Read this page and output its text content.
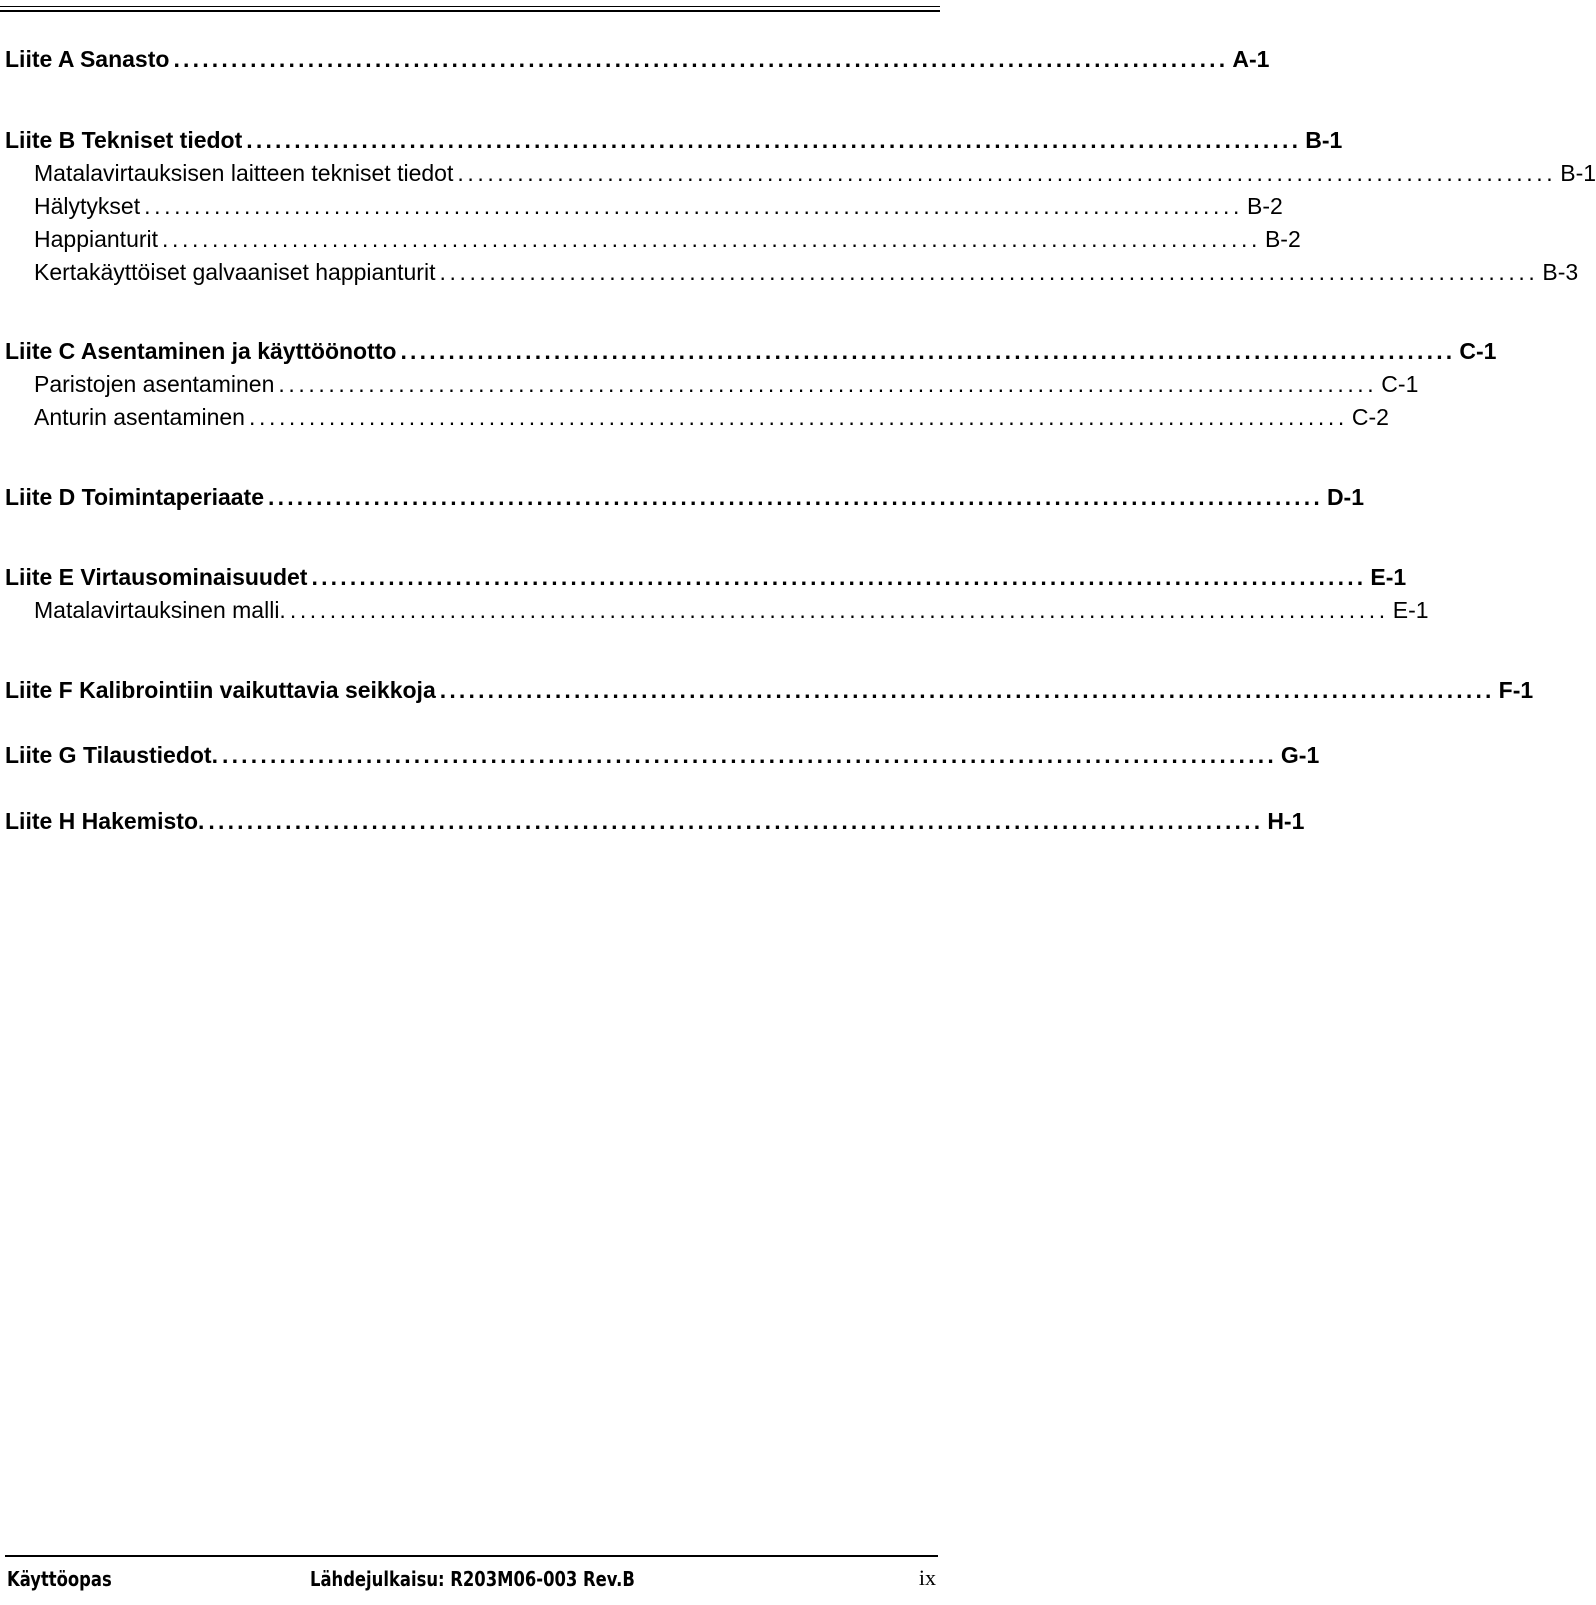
Liite A Sanasto .............................................................................................................. A-1
Liite B Tekniset tiedot .............................................................................................................. B-1
Matalavirtauksisen laitteen tekniset tiedot .............................................................................................................. B-1
Hälytykset .............................................................................................................. B-2
Happianturit .............................................................................................................. B-2
Kertakäyttöiset galvaaniset happianturit .............................................................................................................. B-3
Liite C Asentaminen ja käyttöönotto .............................................................................................................. C-1
Paristojen asentaminen .............................................................................................................. C-1
Anturin asentaminen .............................................................................................................. C-2
Liite D Toimintaperiaate .............................................................................................................. D-1
Liite E Virtausominaisuudet .............................................................................................................. E-1
Matalavirtauksinen malli. .............................................................................................................. E-1
Liite F Kalibrointiin vaikuttavia seikkoja .............................................................................................................. F-1
Liite G Tilaustiedot. .............................................................................................................. G-1
Liite H Hakemisto. .............................................................................................................. H-1
Käyttöopas	Lähdejulkaisu: R203M06-003 Rev.B	ix
